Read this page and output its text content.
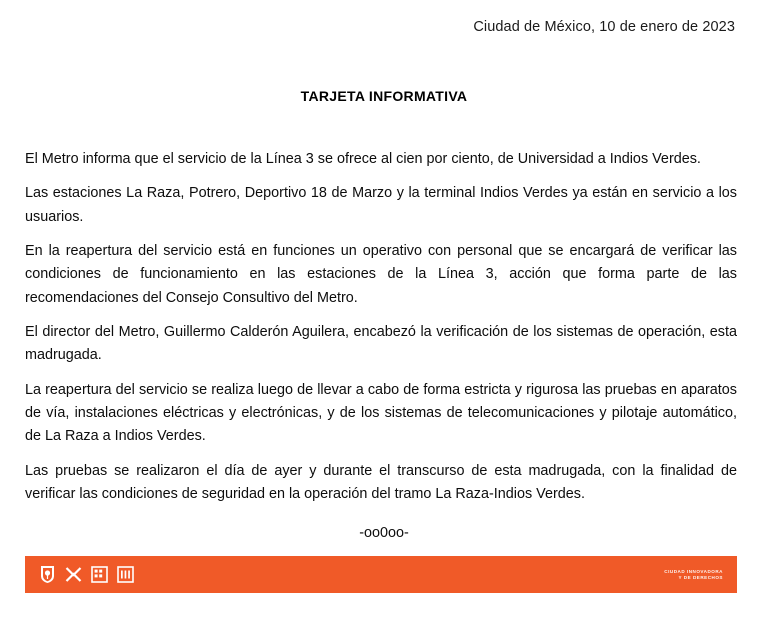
Ciudad de México, 10 de enero de 2023
TARJETA INFORMATIVA

El Metro informa que el servicio de la Línea 3 se ofrece al cien por ciento, de Universidad a Indios Verdes.

Las estaciones La Raza, Potrero, Deportivo 18 de Marzo y la terminal Indios Verdes ya están en servicio a los usuarios.

En la reapertura del servicio está en funciones un operativo con personal que se encargará de verificar las condiciones de funcionamiento en las estaciones de la Línea 3, acción que forma parte de las recomendaciones del Consejo Consultivo del Metro.

El director del Metro, Guillermo Calderón Aguilera, encabezó la verificación de los sistemas de operación, esta madrugada.

La reapertura del servicio se realiza luego de llevar a cabo de forma estricta y rigurosa las pruebas en aparatos de vía, instalaciones eléctricas y electrónicas, y de los sistemas de telecomunicaciones y pilotaje automático, de La Raza a Indios Verdes.

Las pruebas se realizaron el día de ayer y durante el transcurso de esta madrugada, con la finalidad de verificar las condiciones de seguridad en la operación del tramo La Raza-Indios Verdes.

-oo0oo-
CIUDAD INNOVADORA
Y DE DERECHOS
